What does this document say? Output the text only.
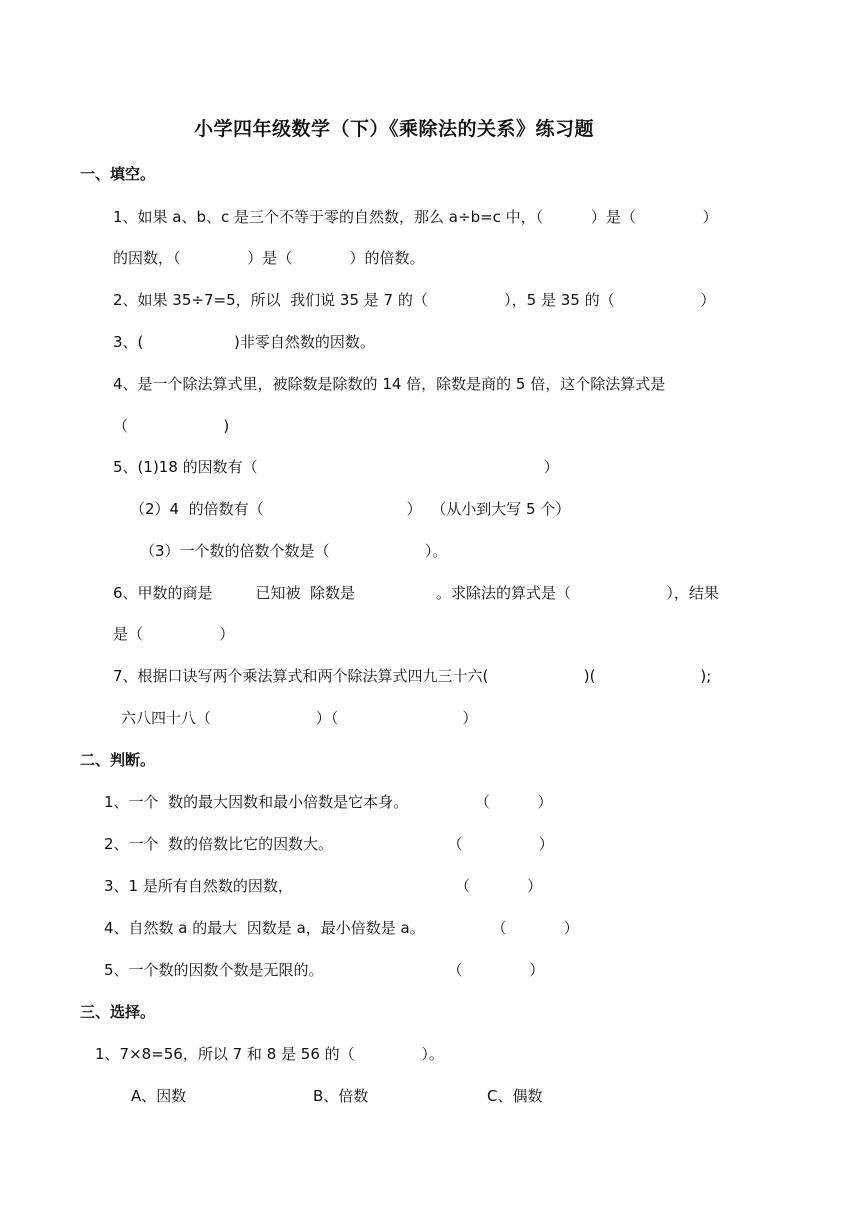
小学四年级数学（下）《乘除法的关系》练习题
一、填空。
1、如果 a、b、c 是三个不等于零的自然数，那么 a÷b=c 中，（          ）是（              ）
的因数，（              ）是（            ）的倍数。
2、如果 35÷7=5，所以  我们说 35 是 7 的（                ），5 是 35 的（                  ）
3、(                   )非零自然数的因数。
4、是一个除法算式里，被除数是除数的 14 倍，除数是商的 5 倍，这个除法算式是
（                    )
5、(1)18 的因数有（                                                            ）
（2）4  的倍数有（                              ）  （从小到大写 5 个）
（3）一个数的倍数个数是（                    ）。
6、甲数的商是         已知被  除数是                 。求除法的算式是（                    ），结果
是（                ）
7、根据口诀写两个乘法算式和两个除法算式四九三十六(                    )(                      );
六八四十八（                      ）（                          ）
二、判断。
1、一个  数的最大因数和最小倍数是它本身。              （          ）
2、一个  数的倍数比它的因数大。                        （                ）
3、1 是所有自然数的因数，                                  （            ）
4、自然数 a 的最大  因数是 a，最小倍数是 a。              （            ）
5、一个数的因数个数是无限的。                          （              ）
三、选择。
1、7×8=56，所以 7 和 8 是 56 的（              ）。
A、因数	B、倍数	C、偶数
